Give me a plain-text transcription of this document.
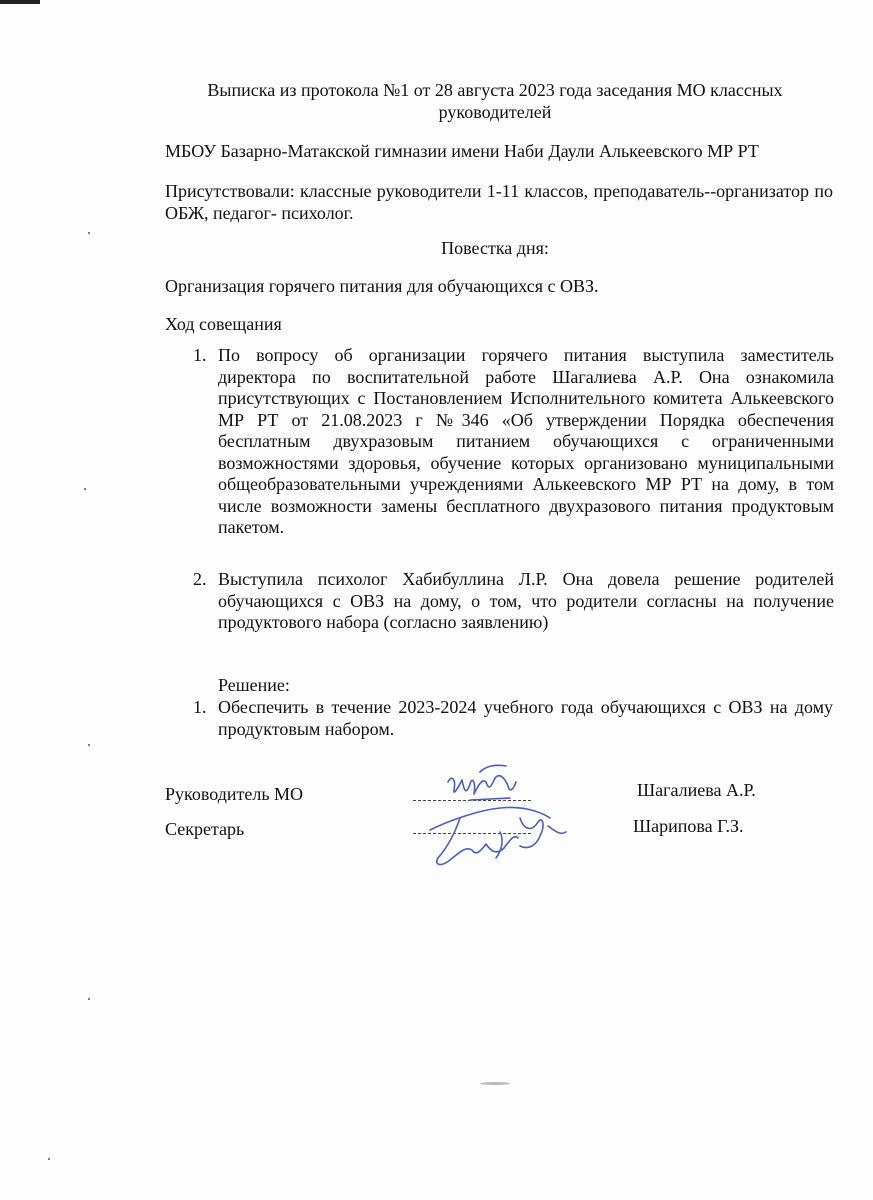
Выписка из протокола №1 от 28 августа 2023 года заседания МО классных руководителей
МБОУ Базарно-Матакской гимназии имени Наби Даули Алькеевского МР РТ
Присутствовали: классные руководители 1-11 классов, преподаватель--организатор по ОБЖ, педагог- психолог.
Повестка дня:
Организация горячего питания для обучающихся с ОВЗ.
Ход совещания
1. По вопросу об организации горячего питания выступила заместитель директора по воспитательной работе Шагалиева А.Р. Она ознакомила присутствующих с Постановлением Исполнительного комитета Алькеевского МР РТ от 21.08.2023 г №346 «Об утверждении Порядка обеспечения бесплатным двухразовым питанием обучающихся с ограниченными возможностями здоровья, обучение которых организовано муниципальными общеобразовательными учреждениями Алькеевского МР РТ на дому, в том числе возможности замены бесплатного двухразового питания продуктовым пакетом.
2. Выступила психолог Хабибуллина Л.Р. Она довела решение родителей обучающихся с ОВЗ на дому, о том, что родители согласны на получение продуктового набора (согласно заявлению)
Решение:
1. Обеспечить в течение 2023-2024 учебного года обучающихся с ОВЗ на дому продуктовым набором.
Руководитель МО	Шагалиева А.Р.
Секретарь	Шарипова Г.З.
